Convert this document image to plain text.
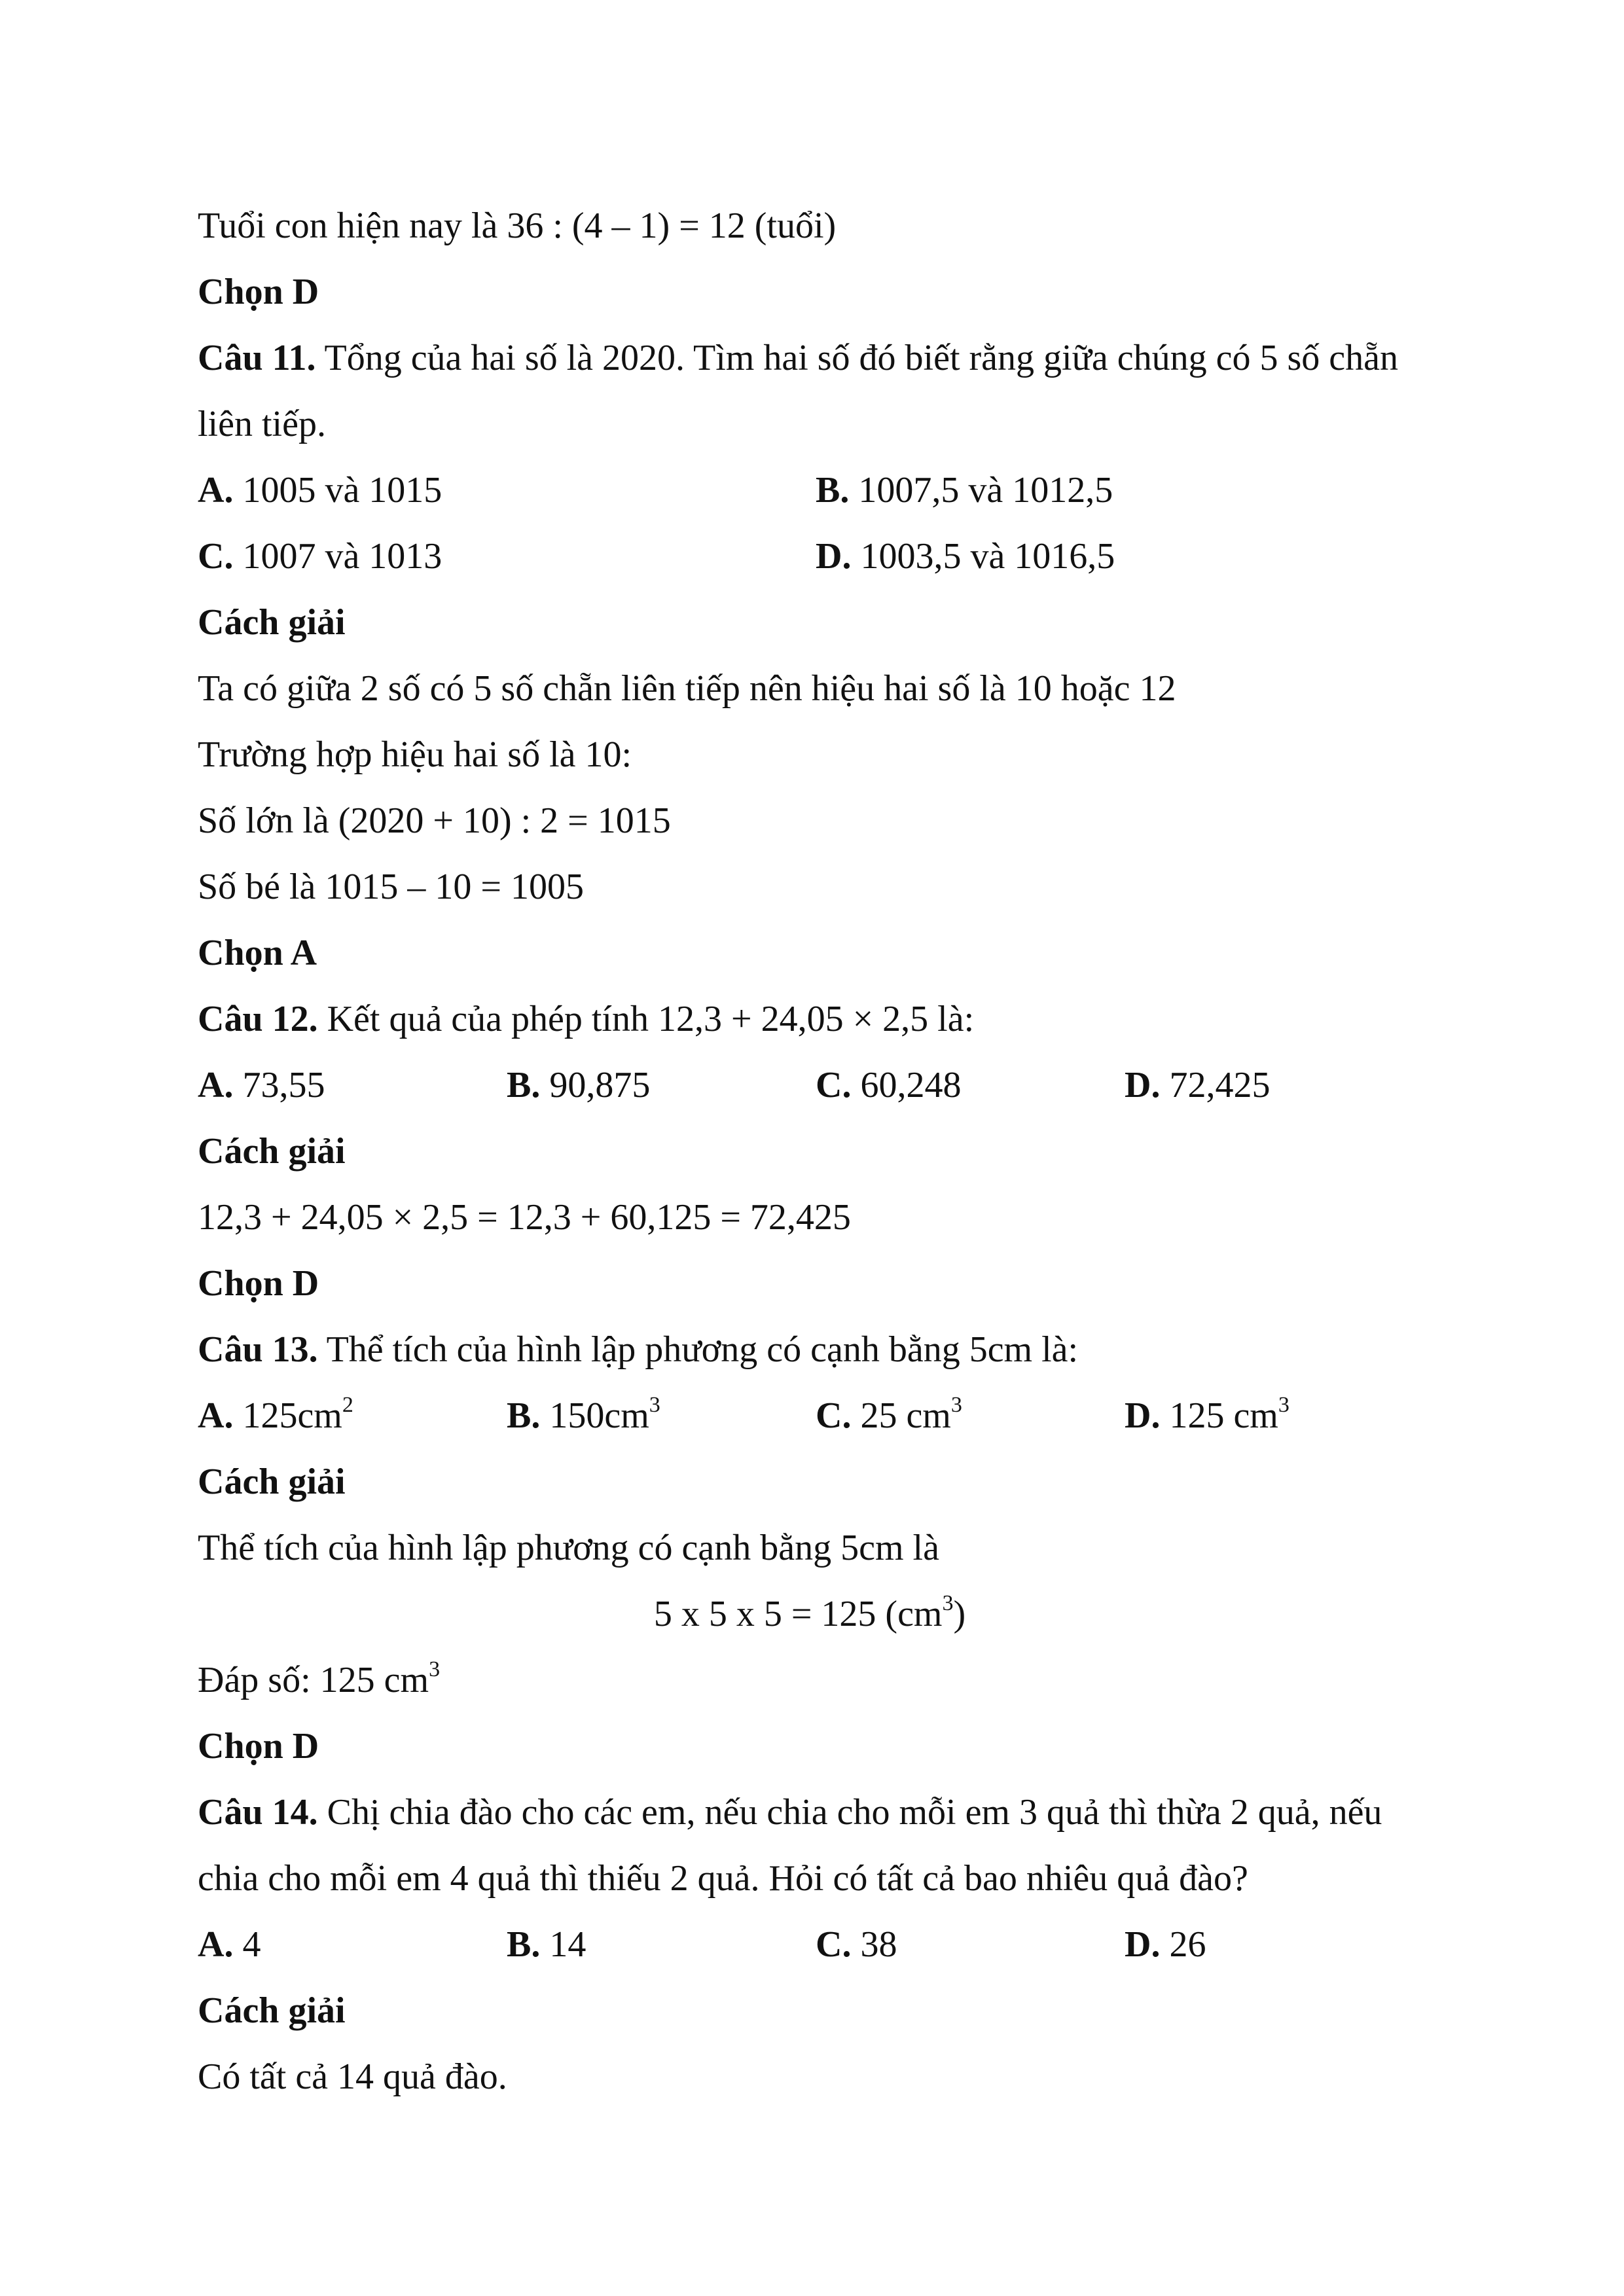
Tuổi con hiện nay là 36 : (4 – 1) = 12 (tuổi)
Chọn D
Câu 11. Tổng của hai số là 2020. Tìm hai số đó biết rằng giữa chúng có 5 số chẵn
liên tiếp.
A. 1005 và 1015	B. 1007,5 và 1012,5
C. 1007 và 1013	D. 1003,5 và 1016,5
Cách giải
Ta có giữa 2 số có 5 số chẵn liên tiếp nên hiệu hai số là 10 hoặc 12
Trường hợp hiệu hai số là 10:
Số lớn là (2020 + 10) : 2 = 1015
Số bé là 1015 – 10 = 1005
Chọn A
Câu 12. Kết quả của phép tính 12,3 + 24,05 × 2,5 là:
A. 73,55	B. 90,875	C. 60,248	D. 72,425
Cách giải
12,3 + 24,05 × 2,5 = 12,3 + 60,125 = 72,425
Chọn D
Câu 13. Thể tích của hình lập phương có cạnh bằng 5cm là:
A. $125cm^2$	B. $150cm^3$	C. 25 $cm^3$	D. 125 $cm^3$
Cách giải
Thể tích của hình lập phương có cạnh bằng 5cm là
5 x 5 x 5 = 125 $(cm^3)$
Đáp số: 125 $cm^3$
Chọn D
Câu 14. Chị chia đào cho các em, nếu chia cho mỗi em 3 quả thì thừa 2 quả, nếu
chia cho mỗi em 4 quả thì thiếu 2 quả. Hỏi có tất cả bao nhiêu quả đào?
A. 4	B. 14	C. 38	D. 26
Cách giải
Có tất cả 14 quả đào.
